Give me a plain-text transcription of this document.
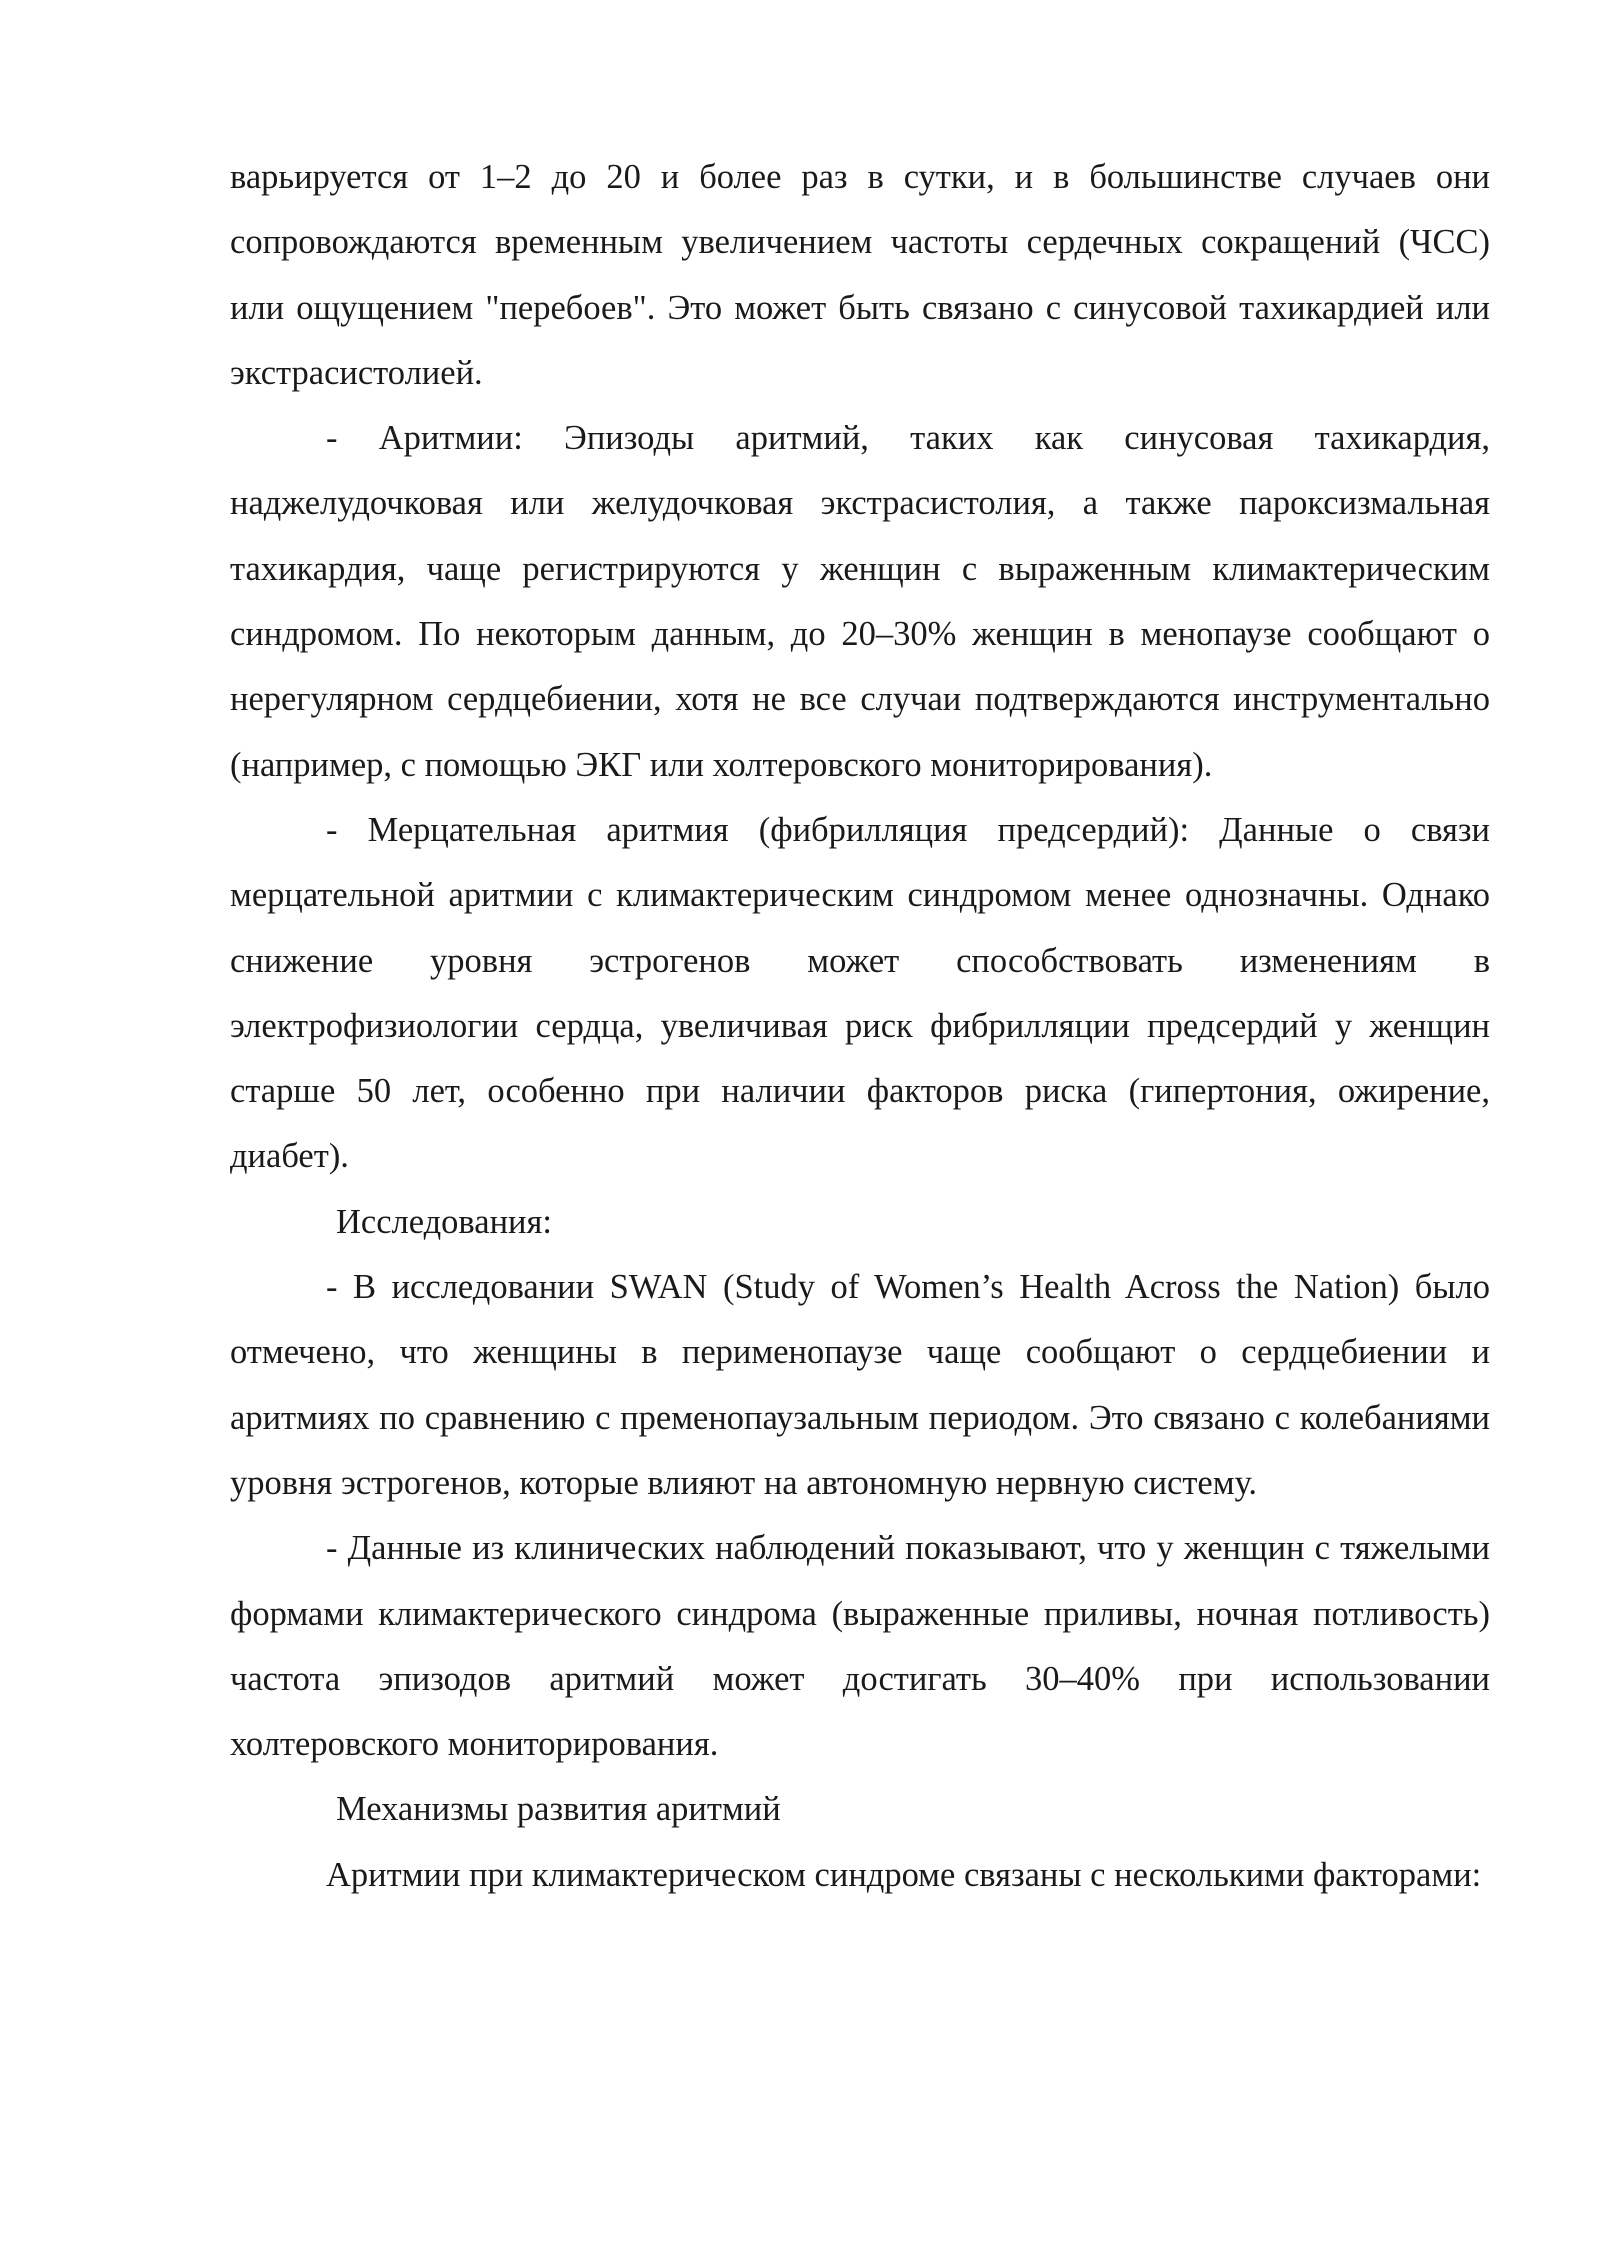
варьируется от 1–2 до 20 и более раз в сутки, и в большинстве случаев они сопровождаются временным увеличением частоты сердечных сокращений (ЧСС) или ощущением "перебоев". Это может быть связано с синусовой тахикардией или экстрасистолией.

- Аритмии: Эпизоды аритмий, таких как синусовая тахикардия, наджелудочковая или желудочковая экстрасистолия, а также пароксизмальная тахикардия, чаще регистрируются у женщин с выраженным климактерическим синдромом. По некоторым данным, до 20–30% женщин в менопаузе сообщают о нерегулярном сердцебиении, хотя не все случаи подтверждаются инструментально (например, с помощью ЭКГ или холтеровского мониторирования).

- Мерцательная аритмия (фибрилляция предсердий): Данные о связи мерцательной аритмии с климактерическим синдромом менее однозначны. Однако снижение уровня эстрогенов может способствовать изменениям в электрофизиологии сердца, увеличивая риск фибрилляции предсердий у женщин старше 50 лет, особенно при наличии факторов риска (гипертония, ожирение, диабет).

Исследования:

- В исследовании SWAN (Study of Women’s Health Across the Nation) было отмечено, что женщины в перименопаузе чаще сообщают о сердцебиении и аритмиях по сравнению с пременопаузальным периодом. Это связано с колебаниями уровня эстрогенов, которые влияют на автономную нервную систему.

- Данные из клинических наблюдений показывают, что у женщин с тяжелыми формами климактерического синдрома (выраженные приливы, ночная потливость) частота эпизодов аритмий может достигать 30–40% при использовании холтеровского мониторирования.

Механизмы развития аритмий

Аритмии при климактерическом синдроме связаны с несколькими факторами:
